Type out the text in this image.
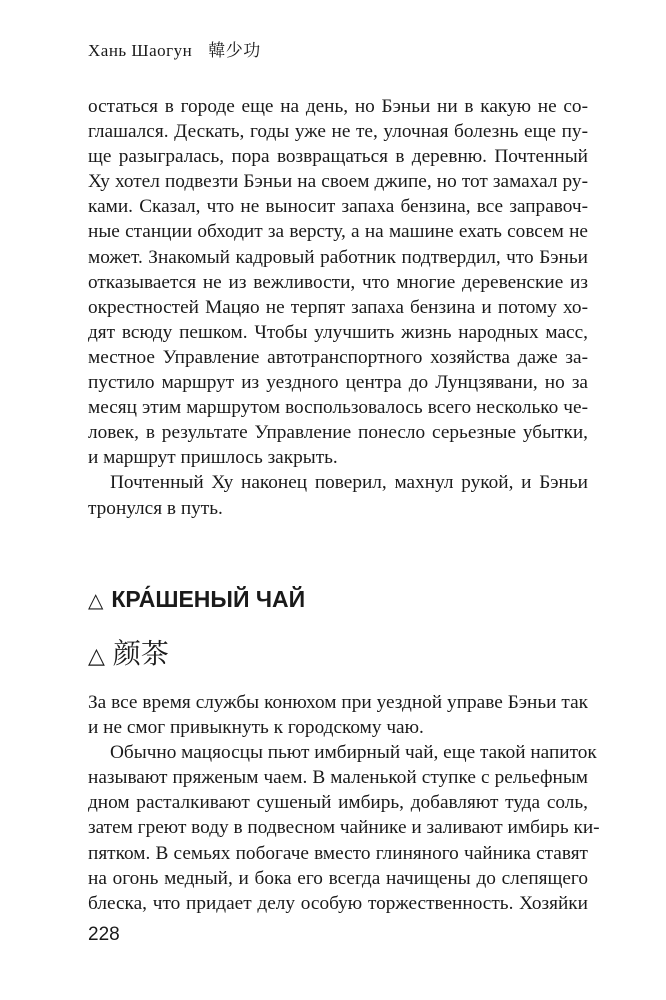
Хань Шаогун 韓少功
остаться в городе еще на день, но Бэньи ни в какую не со-
глашался. Дескать, годы уже не те, улочная болезнь еще пу-
ще разыгралась, пора возвращаться в деревню. Почтенный
Ху хотел подвезти Бэньи на своем джипе, но тот замахал ру-
ками. Сказал, что не выносит запаха бензина, все заправоч-
ные станции обходит за версту, а на машине ехать совсем не
может. Знакомый кадровый работник подтвердил, что Бэньи
отказывается не из вежливости, что многие деревенские из
окрестностей Мацяо не терпят запаха бензина и потому хо-
дят всюду пешком. Чтобы улучшить жизнь народных масс,
местное Управление автотранспортного хозяйства даже за-
пустило маршрут из уездного центра до Лунцзявани, но за
месяц этим маршрутом воспользовалось всего несколько че-
ловек, в результате Управление понесло серьезные убытки,
и маршрут пришлось закрыть.
Почтенный Ху наконец поверил, махнул рукой, и Бэньи
тронулся в путь.
△ КРА́ШЕНЫЙ ЧАЙ
△ 颜茶
За все время службы конюхом при уездной управе Бэньи так
и не смог привыкнуть к городскому чаю.
Обычно мацяосцы пьют имбирный чай, еще такой напиток
называют пряженым чаем. В маленькой ступке с рельефным
дном расталкивают сушеный имбирь, добавляют туда соль,
затем греют воду в подвесном чайнике и заливают имбирь ки-
пятком. В семьях побогаче вместо глиняного чайника ставят
на огонь медный, и бока его всегда начищены до слепящего
блеска, что придает делу особую торжественность. Хозяйки
228
